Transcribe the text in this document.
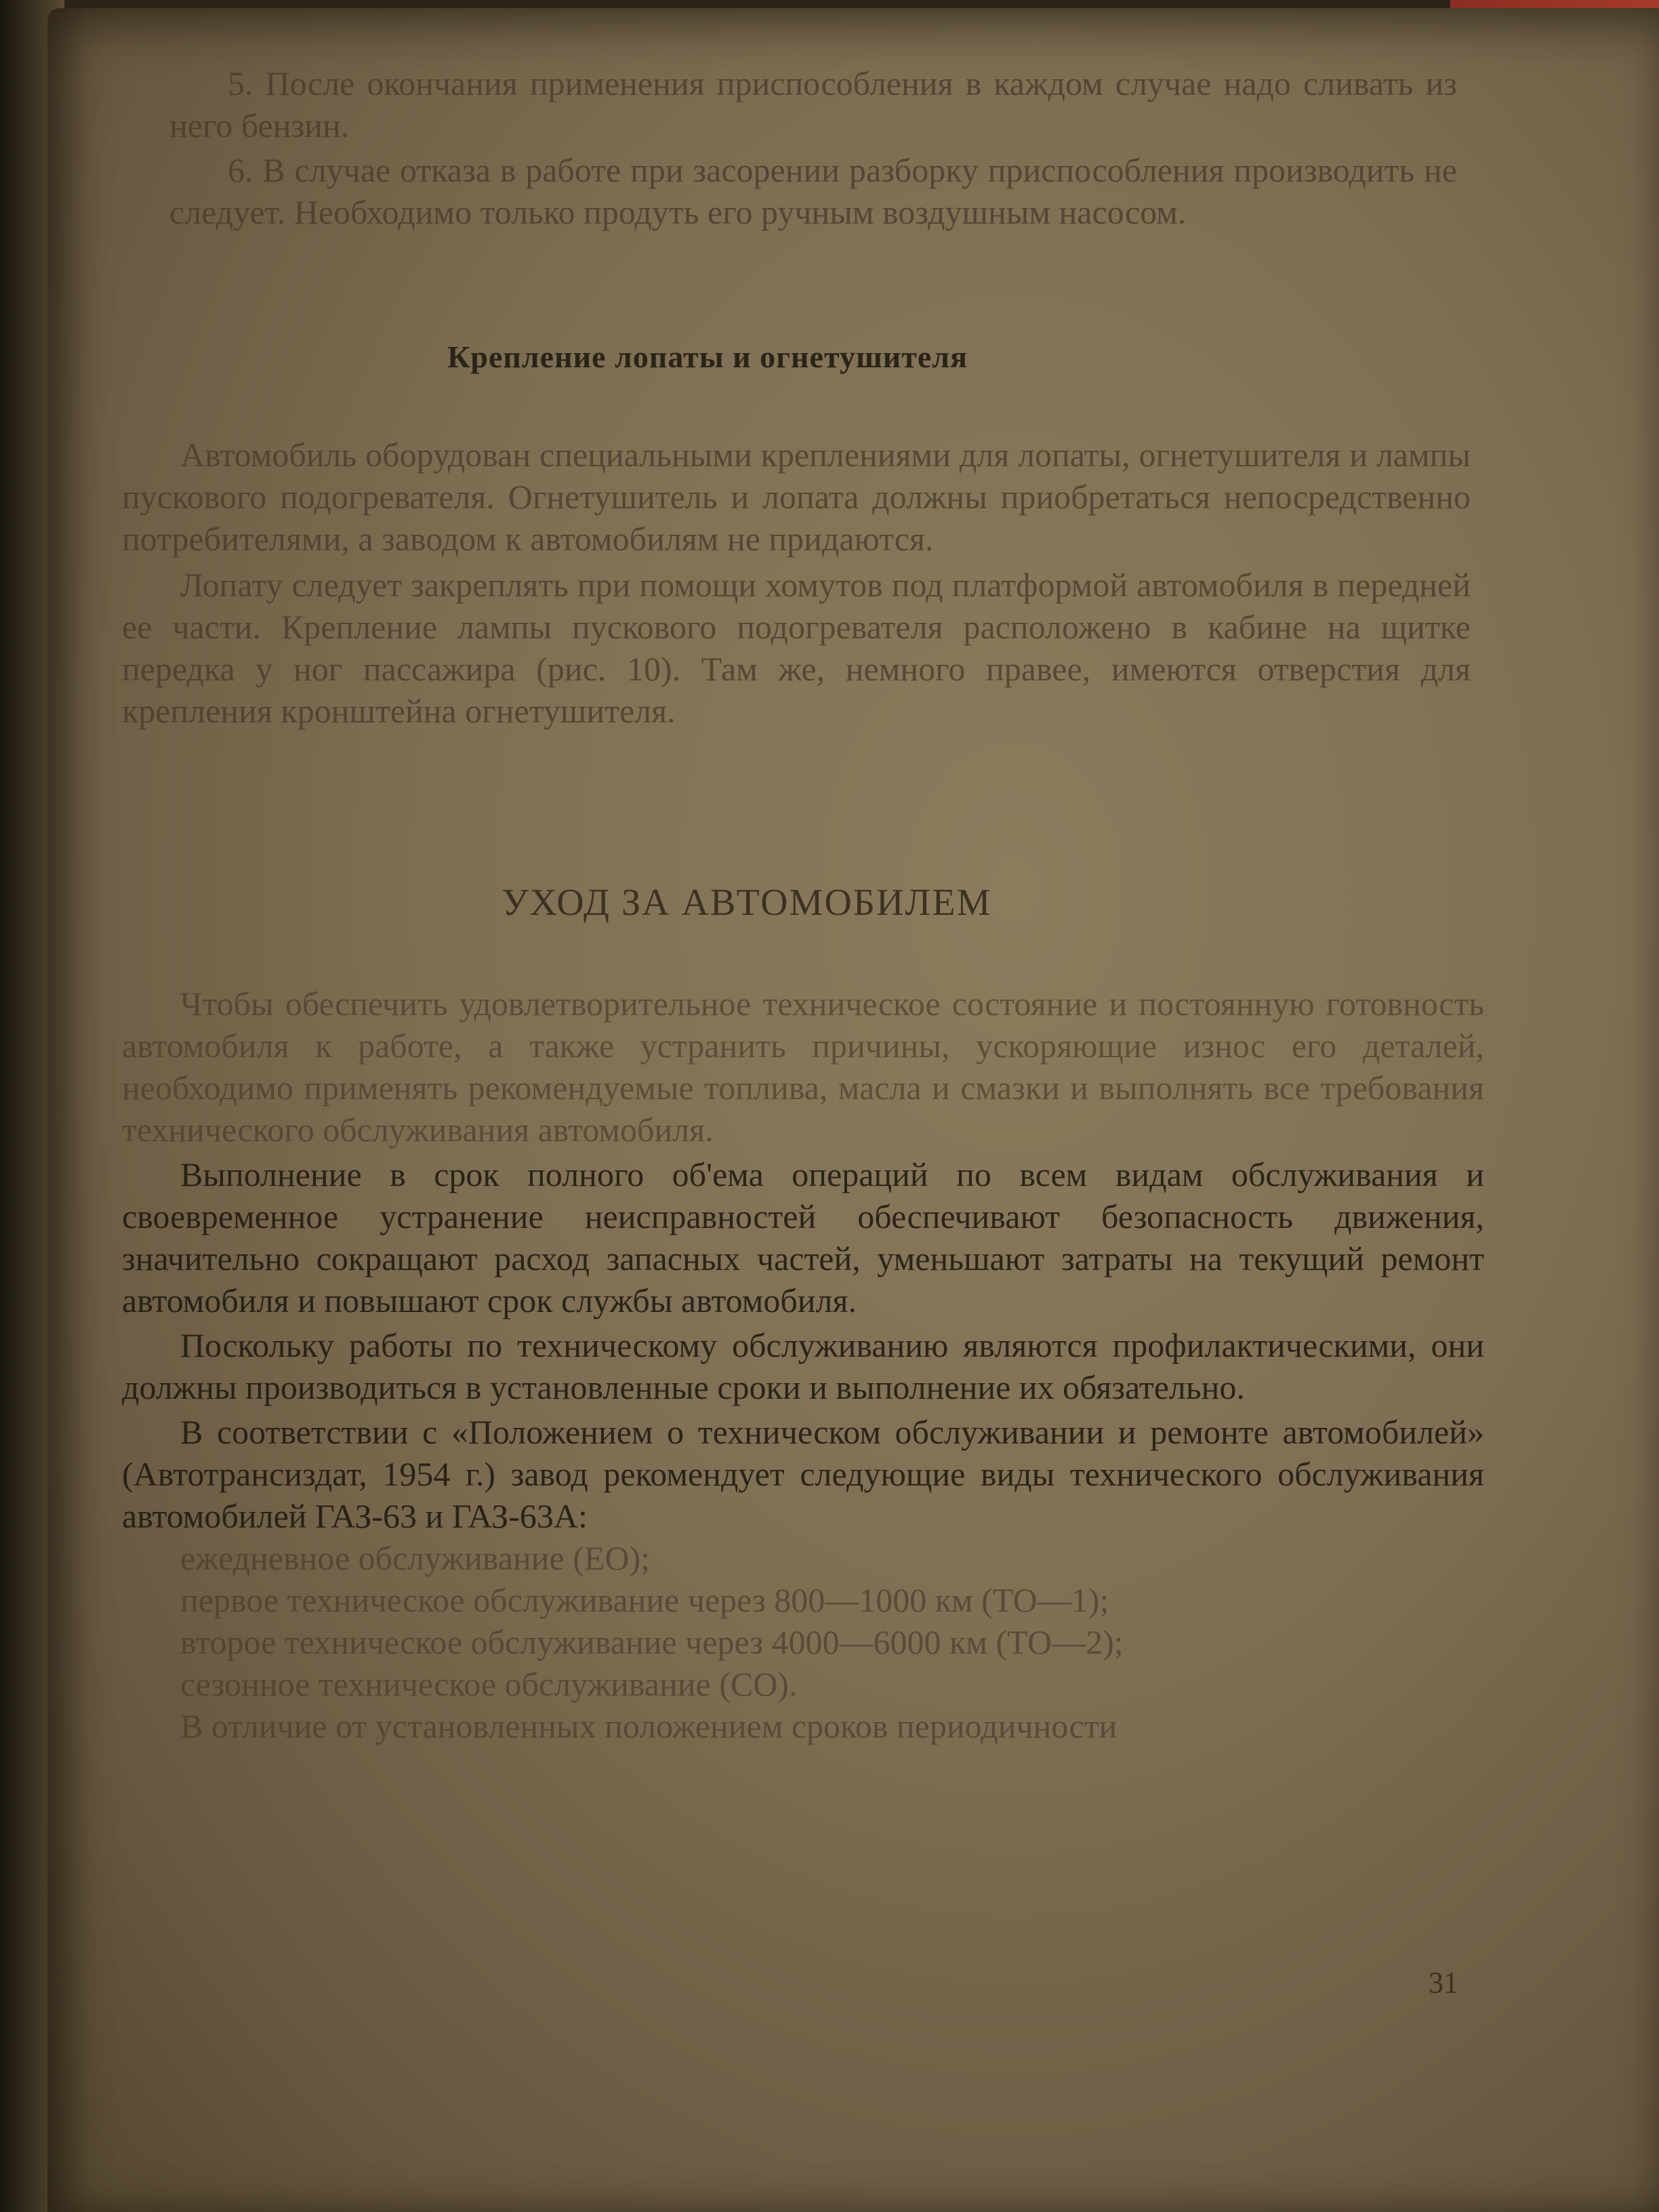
5. После окончания применения приспособления в каждом случае надо сливать из него бензин.

6. В случае отказа в работе при засорении разборку приспособления производить не следует. Необходимо только продуть его ручным воздушным насосом.

Крепление лопаты и огнетушителя

Автомобиль оборудован специальными креплениями для лопаты, огнетушителя и лампы пускового подогревателя. Огнетушитель и лопата должны приобретаться непосредственно потребителями, а заводом к автомобилям не придаются.

Лопату следует закреплять при помощи хомутов под платформой автомобиля в передней ее части. Крепление лампы пускового подогревателя расположено в кабине на щитке передка у ног пассажира (рис. 10). Там же, немного правее, имеются отверстия для крепления кронштейна огнетушителя.

УХОД ЗА АВТОМОБИЛЕМ

Чтобы обеспечить удовлетворительное техническое состояние и постоянную готовность автомобиля к работе, а также устранить причины, ускоряющие износ его деталей, необходимо применять рекомендуемые топлива, масла и смазки и выполнять все требования технического обслуживания автомобиля.

Выполнение в срок полного об'ема операций по всем видам обслуживания и своевременное устранение неисправностей обеспечивают безопасность движения, значительно сокращают расход запасных частей, уменьшают затраты на текущий ремонт автомобиля и повышают срок службы автомобиля.

Поскольку работы по техническому обслуживанию являются профилактическими, они должны производиться в установленные сроки и выполнение их обязательно.

В соответствии с «Положением о техническом обслуживании и ремонте автомобилей» (Автотрансиздат, 1954 г.) завод рекомендует следующие виды технического обслуживания автомобилей ГАЗ-63 и ГАЗ-63А:

ежедневное обслуживание (ЕО);

первое техническое обслуживание через 800—1000 км (ТО—1);

второе техническое обслуживание через 4000—6000 км (ТО—2);

сезонное техническое обслуживание (СО).

В отличие от установленных положением сроков периодичности

31
